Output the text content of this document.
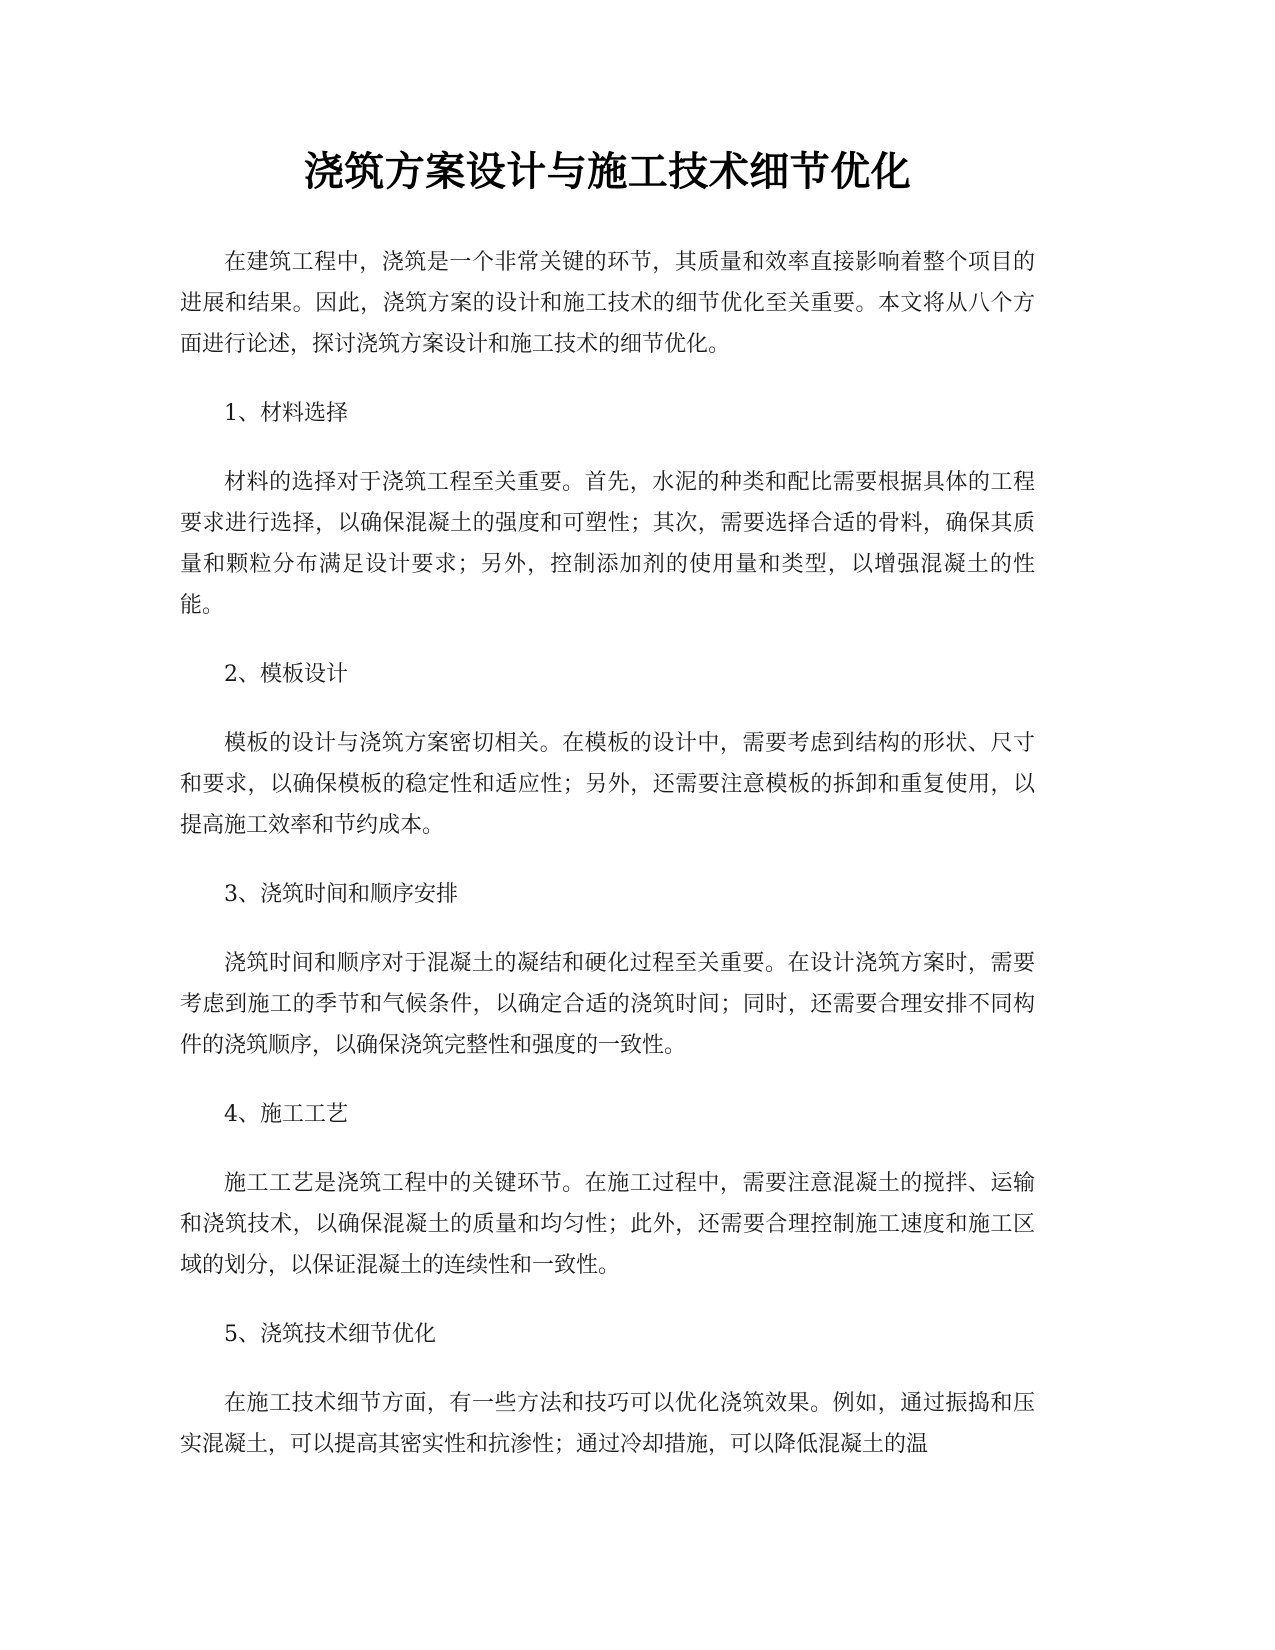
浇筑方案设计与施工技术细节优化

在建筑工程中，浇筑是一个非常关键的环节，其质量和效率直接影响着整个项目的进展和结果。因此，浇筑方案的设计和施工技术的细节优化至关重要。本文将从八个方面进行论述，探讨浇筑方案设计和施工技术的细节优化。

1、材料选择

材料的选择对于浇筑工程至关重要。首先，水泥的种类和配比需要根据具体的工程要求进行选择，以确保混凝土的强度和可塑性；其次，需要选择合适的骨料，确保其质量和颗粒分布满足设计要求；另外，控制添加剂的使用量和类型，以增强混凝土的性能。

2、模板设计

模板的设计与浇筑方案密切相关。在模板的设计中，需要考虑到结构的形状、尺寸和要求，以确保模板的稳定性和适应性；另外，还需要注意模板的拆卸和重复使用，以提高施工效率和节约成本。

3、浇筑时间和顺序安排

浇筑时间和顺序对于混凝土的凝结和硬化过程至关重要。在设计浇筑方案时，需要考虑到施工的季节和气候条件，以确定合适的浇筑时间；同时，还需要合理安排不同构件的浇筑顺序，以确保浇筑完整性和强度的一致性。

4、施工工艺

施工工艺是浇筑工程中的关键环节。在施工过程中，需要注意混凝土的搅拌、运输和浇筑技术，以确保混凝土的质量和均匀性；此外，还需要合理控制施工速度和施工区域的划分，以保证混凝土的连续性和一致性。

5、浇筑技术细节优化

在施工技术细节方面，有一些方法和技巧可以优化浇筑效果。例如，通过振捣和压实混凝土，可以提高其密实性和抗渗性；通过冷却措施，可以降低混凝土的温
